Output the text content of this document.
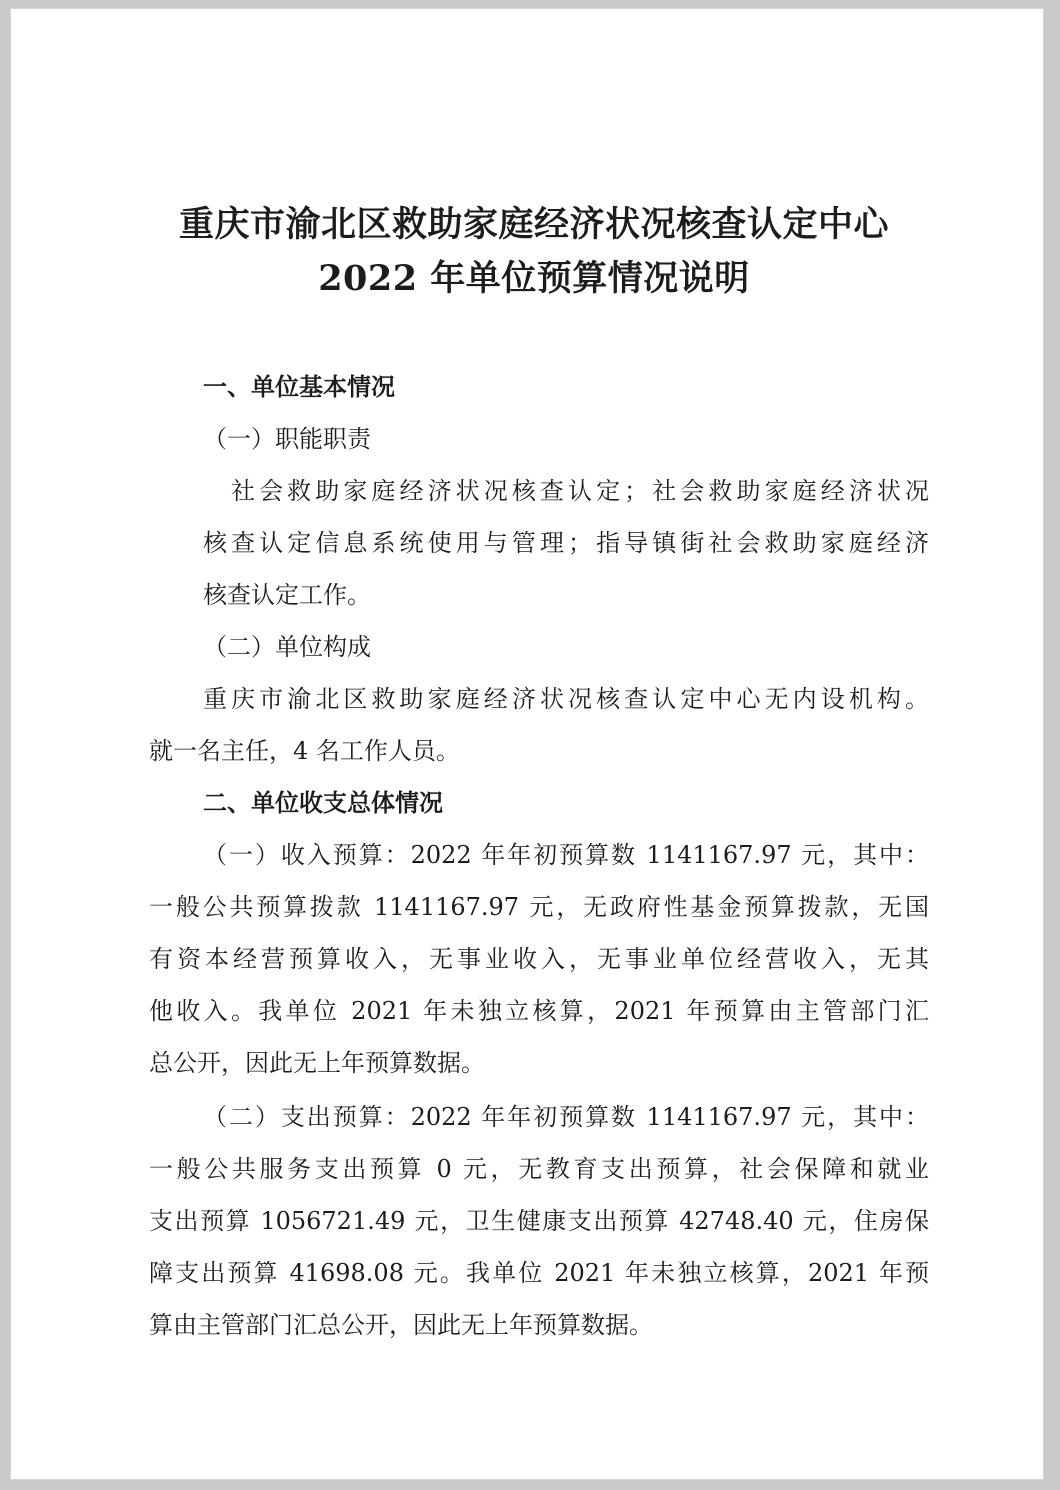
重庆市渝北区救助家庭经济状况核查认定中心
2022 年单位预算情况说明

一、单位基本情况

（一）职能职责

社会救助家庭经济状况核查认定；社会救助家庭经济状况

核查认定信息系统使用与管理；指导镇街社会救助家庭经济

核查认定工作。

（二）单位构成

重庆市渝北区救助家庭经济状况核查认定中心无内设机构。

就一名主任，4 名工作人员。

二、单位收支总体情况

（一）收入预算：2022 年年初预算数 1141167.97 元，其中：

一般公共预算拨款 1141167.97 元，无政府性基金预算拨款，无国

有资本经营预算收入，无事业收入，无事业单位经营收入，无其

他收入。我单位 2021 年未独立核算，2021 年预算由主管部门汇

总公开，因此无上年预算数据。

（二）支出预算：2022 年年初预算数 1141167.97 元，其中：

一般公共服务支出预算 0 元，无教育支出预算，社会保障和就业

支出预算 1056721.49 元，卫生健康支出预算 42748.40 元，住房保

障支出预算 41698.08 元。我单位 2021 年未独立核算，2021 年预

算由主管部门汇总公开，因此无上年预算数据。
